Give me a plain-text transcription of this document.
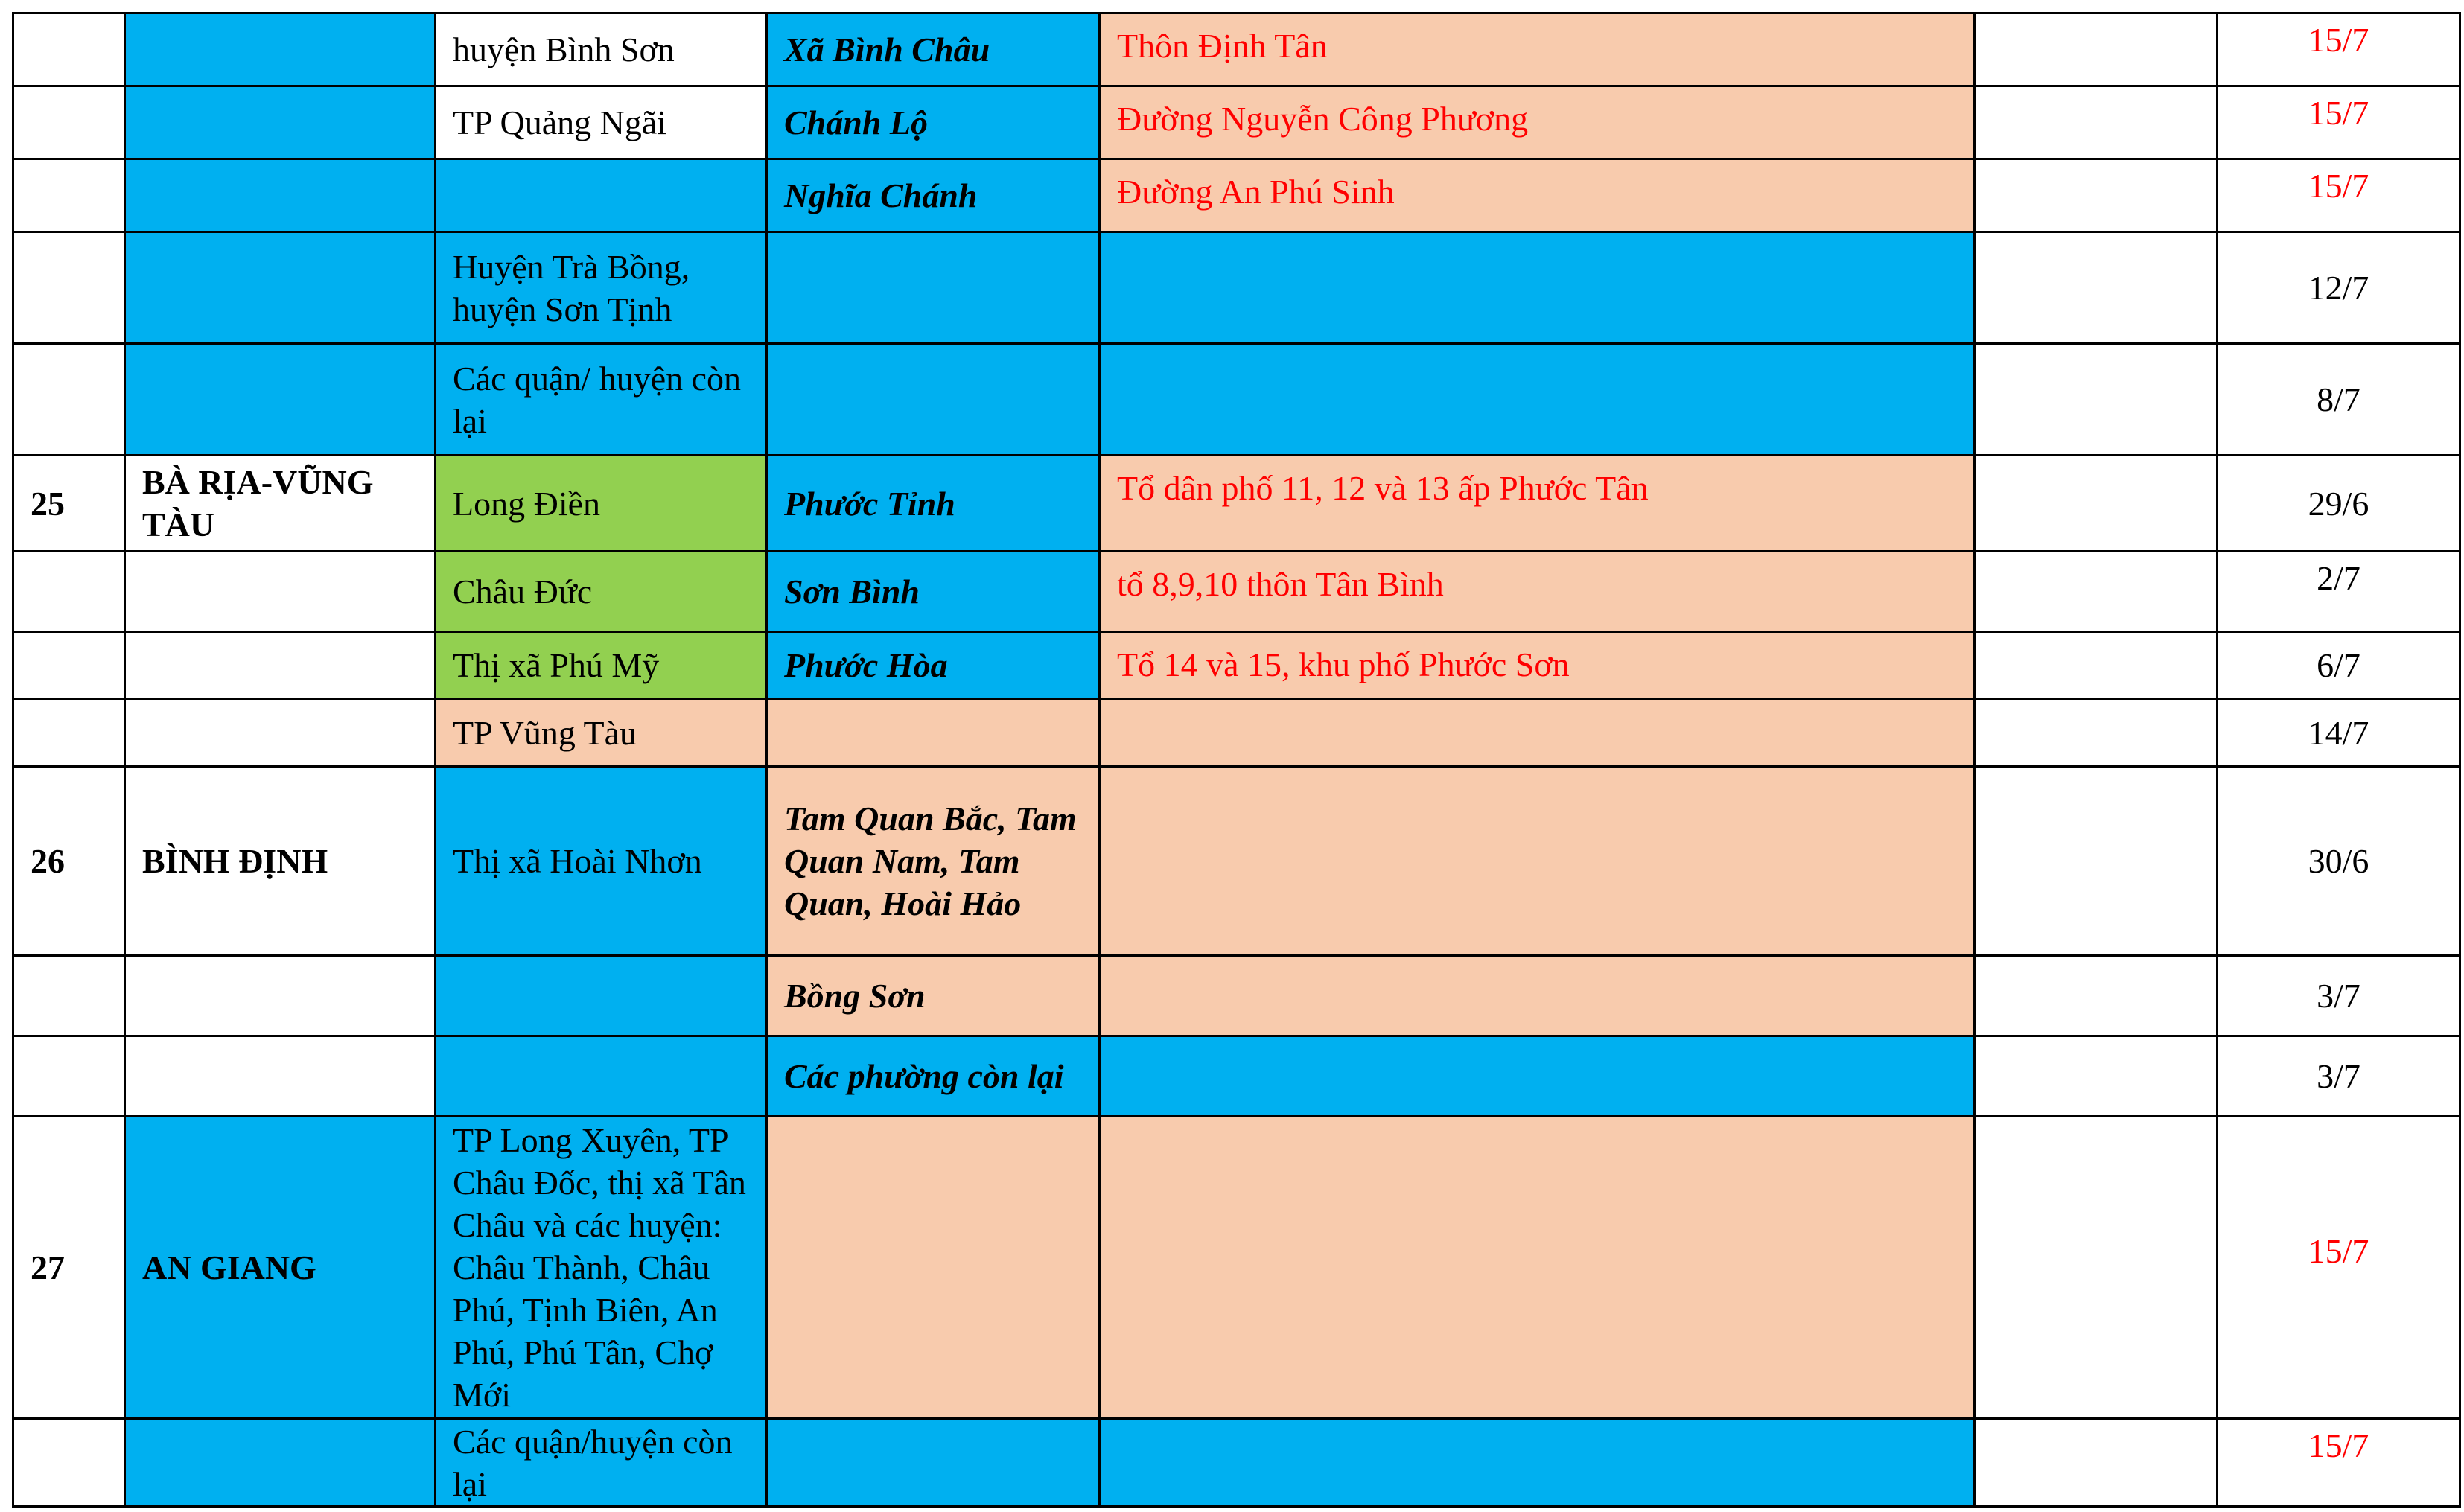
		huyện Bình Sơn	Xã Bình Châu	Thôn Định Tân		15/7
		TP Quảng Ngãi	Chánh Lộ	Đường Nguyễn Công Phương		15/7
			Nghĩa Chánh	Đường An Phú Sinh		15/7
		Huyện Trà Bồng, huyện Sơn Tịnh				12/7
		Các quận/ huyện còn lại				8/7
25	BÀ RỊA-VŨNG TÀU	Long Điền	Phước Tỉnh	Tổ dân phố 11, 12 và 13 ấp Phước Tân		29/6
		Châu Đức	Sơn Bình	tổ 8,9,10 thôn Tân Bình		2/7
		Thị xã Phú Mỹ	Phước Hòa	Tổ 14 và 15, khu phố Phước Sơn		6/7
		TP Vũng Tàu				14/7
26	BÌNH ĐỊNH	Thị xã Hoài Nhơn	Tam Quan Bắc, Tam Quan Nam, Tam Quan, Hoài Hảo			30/6
			Bồng Sơn			3/7
			Các phường còn lại			3/7
27	AN GIANG	TP Long Xuyên, TP Châu Đốc, thị xã Tân Châu và các huyện: Châu Thành, Châu Phú, Tịnh Biên, An Phú, Phú Tân, Chợ Mới				15/7
		Các quận/huyện còn lại				15/7
